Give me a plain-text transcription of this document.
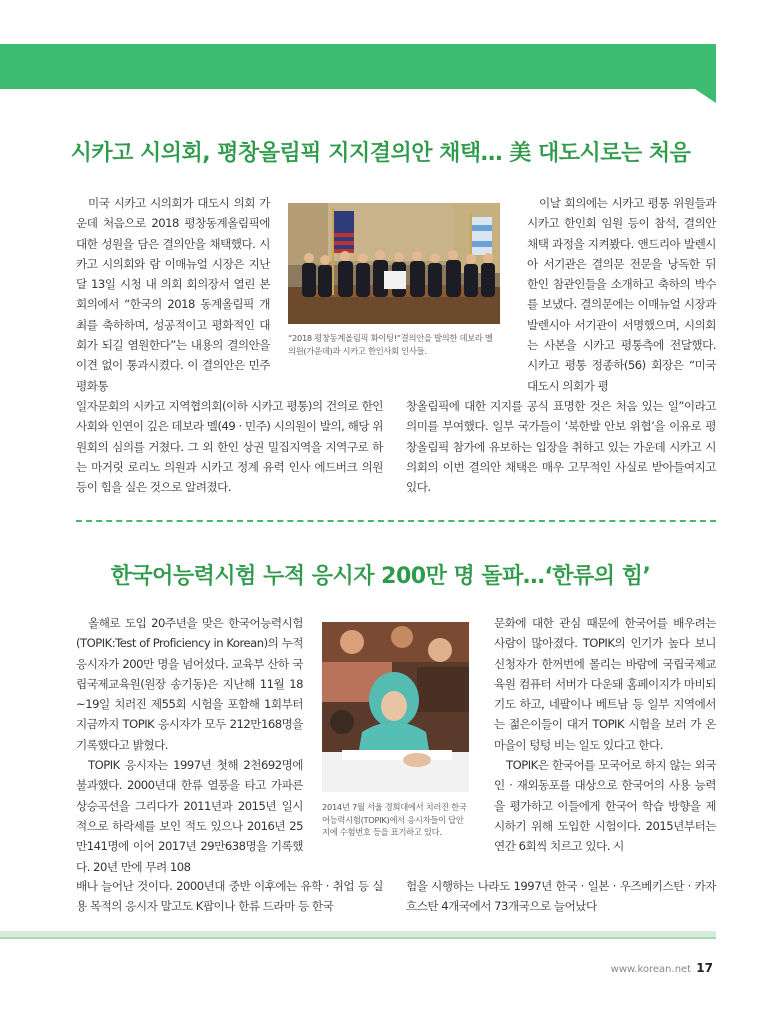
시카고 시의회, 평창올림픽 지지결의안 채택… 美 대도시로는 처음

미국 시카고 시의회가 대도시 의회 가운데 처음으로 2018 평창동계올림픽에 대한 성원을 담은 결의안을 채택했다. 시카고 시의회와 람 이매뉴얼 시장은 지난달 13일 시청 내 의회 회의장서 열린 본회의에서 “한국의 2018 동계올림픽 개최를 축하하며, 성공적이고 평화적인 대회가 되길 염원한다”는 내용의 결의안을 이견 없이 통과시켰다. 이 결의안은 민주평화통

“2018 평창동계올림픽 화이팅!”결의안을 발의한 데보라 멜 의원(가운데)과 시카고 한인사회 인사들.

이날 회의에는 시카고 평통 위원들과 시카고 한인회 임원 등이 참석, 결의안 채택 과정을 지켜봤다. 앤드리아 발렌시아 서기관은 결의문 전문을 낭독한 뒤 한인 참관인들을 소개하고 축하의 박수를 보냈다. 결의문에는 이매뉴얼 시장과 발렌시아 서기관이 서명했으며, 시의회는 사본을 시카고 평통측에 전달했다. 시카고 평통 정종하(56) 회장은 “미국 대도시 의회가 평

일자문회의 시카고 지역협의회(이하 시카고 평통)의 건의로 한인사회와 인연이 깊은 데보라 멜(49 · 민주) 시의원이 발의, 해당 위원회의 심의를 거쳤다. 그 외 한인 상권 밀집지역을 지역구로 하는 마거릿 로리노 의원과 시카고 정계 유력 인사 에드버크 의원 등이 힘을 실은 것으로 알려졌다.

창올림픽에 대한 지지를 공식 표명한 것은 처음 있는 일”이라고 의미를 부여했다. 일부 국가들이 ‘북한발 안보 위협’을 이유로 평창올림픽 참가에 유보하는 입장을 취하고 있는 가운데 시카고 시의회의 이번 결의안 채택은 매우 고무적인 사실로 받아들여지고 있다.

한국어능력시험 누적 응시자 200만 명 돌파…‘한류의 힘’

올해로 도입 20주년을 맞은 한국어능력시험(TOPIK:Test of Proficiency in Korean)의 누적 응시자가 200만 명을 넘어섰다. 교육부 산하 국립국제교육원(원장 송기동)은 지난해 11월 18~19일 치러진 제55회 시험을 포함해 1회부터 지금까지 TOPIK 응시자가 모두 212만168명을 기록했다고 밝혔다.

TOPIK 응시자는 1997년 첫해 2천692명에 불과했다. 2000년대 한류 열풍을 타고 가파른 상승곡선을 그리다가 2011년과 2015년 일시적으로 하락세를 보인 적도 있으나 2016년 25만141명에 이어 2017년 29만638명을 기록했다. 20년 만에 무려 108

2014년 7월 서울 경희대에서 치러진 한국어능력시험(TOPIK)에서 응시자들이 답안지에 수험번호 등을 표기하고 있다.

문화에 대한 관심 때문에 한국어를 배우려는 사람이 많아졌다. TOPIK의 인기가 높다 보니 신청자가 한꺼번에 몰리는 바람에 국립국제교육원 컴퓨터 서버가 다운돼 홈페이지가 마비되기도 하고, 네팔이나 베트남 등 일부 지역에서는 젊은이들이 대거 TOPIK 시험을 보러 가 온 마을이 텅텅 비는 일도 있다고 한다.

TOPIK은 한국어를 모국어로 하지 않는 외국인 · 재외동포를 대상으로 한국어의 사용 능력을 평가하고 이들에게 한국어 학습 방향을 제시하기 위해 도입한 시험이다. 2015년부터는 연간 6회씩 치르고 있다. 시

배나 늘어난 것이다. 2000년대 중반 이후에는 유학 · 취업 등 실용 목적의 응시자 말고도 K팝이나 한류 드라마 등 한국

험을 시행하는 나라도 1997년 한국 · 일본 · 우즈베키스탄 · 카자흐스탄 4개국에서 73개국으로 늘어났다

www.korean.net 17
